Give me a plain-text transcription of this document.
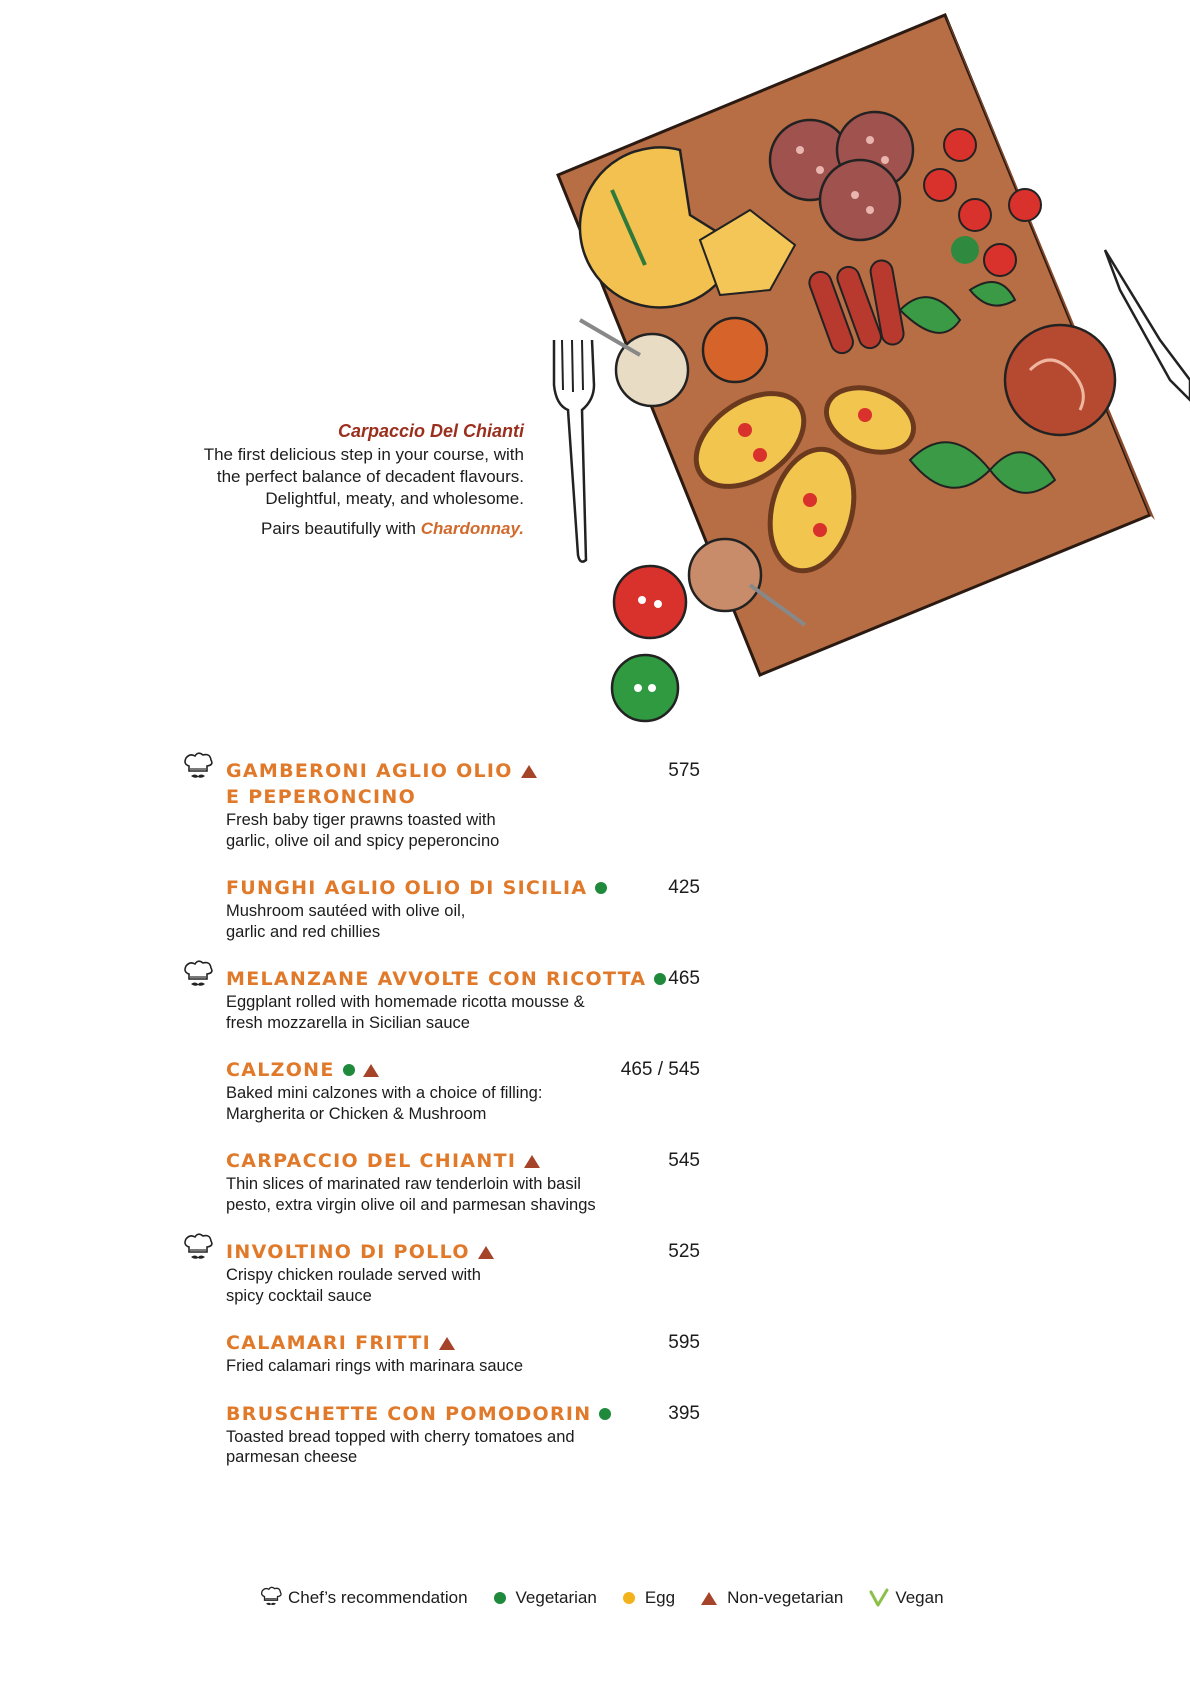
Carpaccio Del Chianti
The first delicious step in your course, with the perfect balance of decadent flavours. Delightful, meaty, and wholesome.
Pairs beautifully with Chardonnay.
GAMBERONI AGLIO OLIO
E PEPERONCINO
Fresh baby tiger prawns toasted with garlic, olive oil and spicy peperoncino
575
FUNGHI AGLIO OLIO DI SICILIA
Mushroom sautéed with olive oil, garlic and red chillies
425
MELANZANE AVVOLTE CON RICOTTA
Eggplant rolled with homemade ricotta mousse & fresh mozzarella in Sicilian sauce
465
CALZONE
Baked mini calzones with a choice of filling: Margherita or Chicken & Mushroom
465 / 545
CARPACCIO DEL CHIANTI
Thin slices of marinated raw tenderloin with basil pesto, extra virgin olive oil and parmesan shavings
545
INVOLTINO DI POLLO
Crispy chicken roulade served with spicy cocktail sauce
525
CALAMARI FRITTI
Fried calamari rings with marinara sauce
595
BRUSCHETTE CON POMODORIN
Toasted bread topped with cherry tomatoes and parmesan cheese
395
Chef’s recommendation	Vegetarian	Egg	Non-vegetarian	Vegan
